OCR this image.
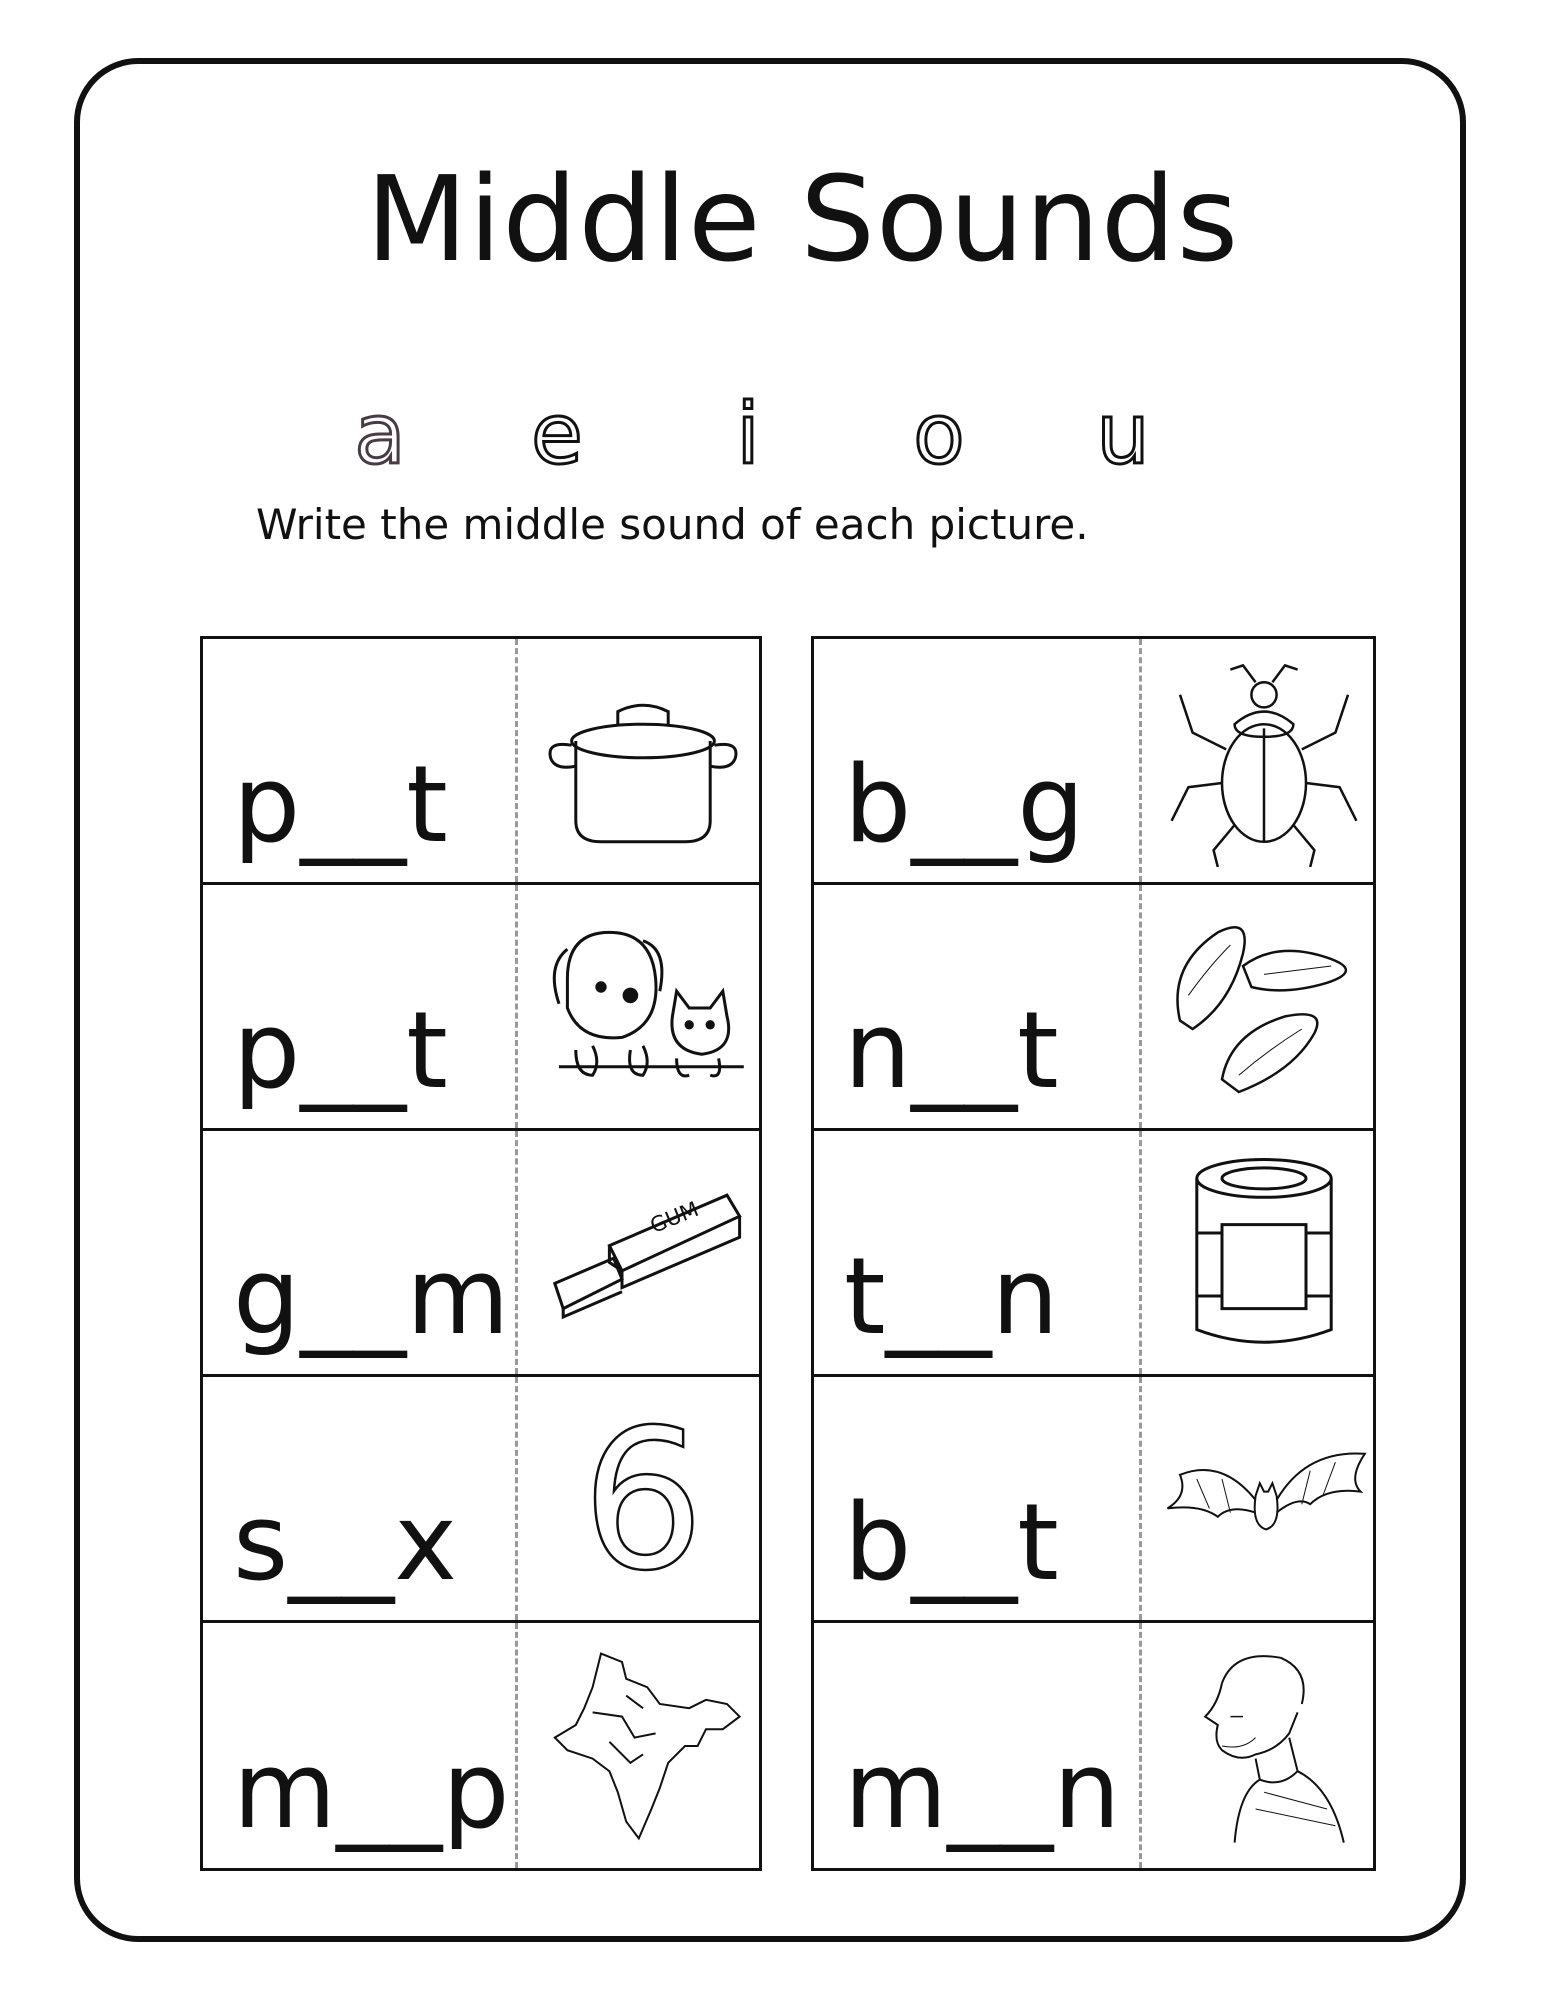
Middle Sounds
a e	i	o u
Write the middle sound of each picture.
p__t
p__t
g__m
GUM
s__x 6
m__p
b__g
n__t
t__n
b__t
m__n
